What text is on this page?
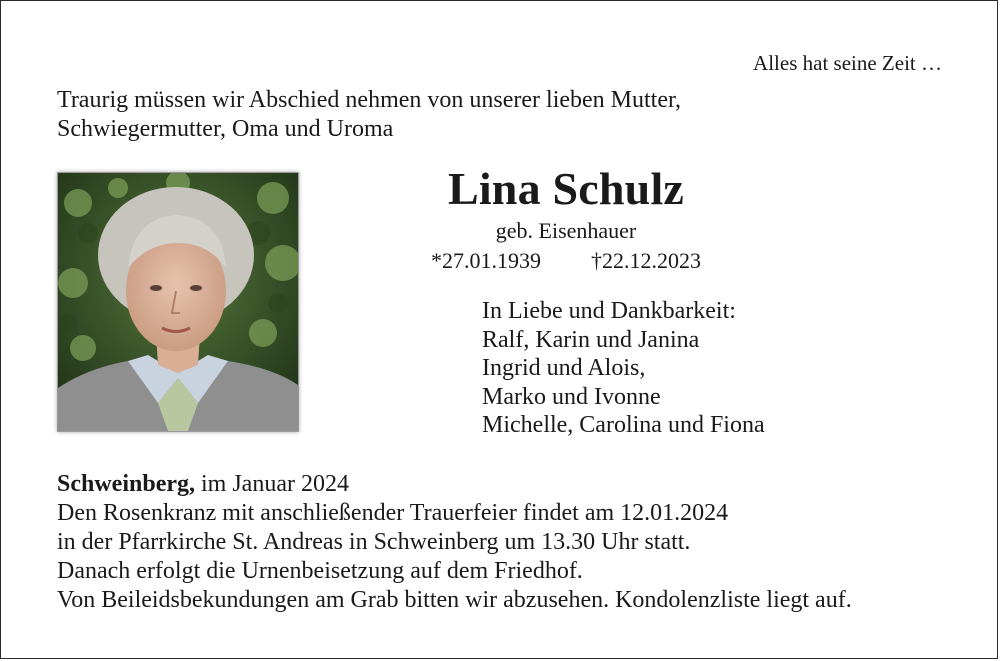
Alles hat seine Zeit …
Traurig müssen wir Abschied nehmen von unserer lieben Mutter,
Schwiegermutter, Oma und Uroma
Lina Schulz
geb. Eisenhauer
*27.01.1939 †22.12.2023
In Liebe und Dankbarkeit:
Ralf, Karin und Janina
Ingrid und Alois,
Marko und Ivonne
Michelle, Carolina und Fiona
Schweinberg, im Januar 2024
Den Rosenkranz mit anschließender Trauerfeier findet am 12.01.2024
in der Pfarrkirche St. Andreas in Schweinberg um 13.30 Uhr statt.
Danach erfolgt die Urnenbeisetzung auf dem Friedhof.
Von Beileidsbekundungen am Grab bitten wir abzusehen. Kondolenzliste liegt auf.
